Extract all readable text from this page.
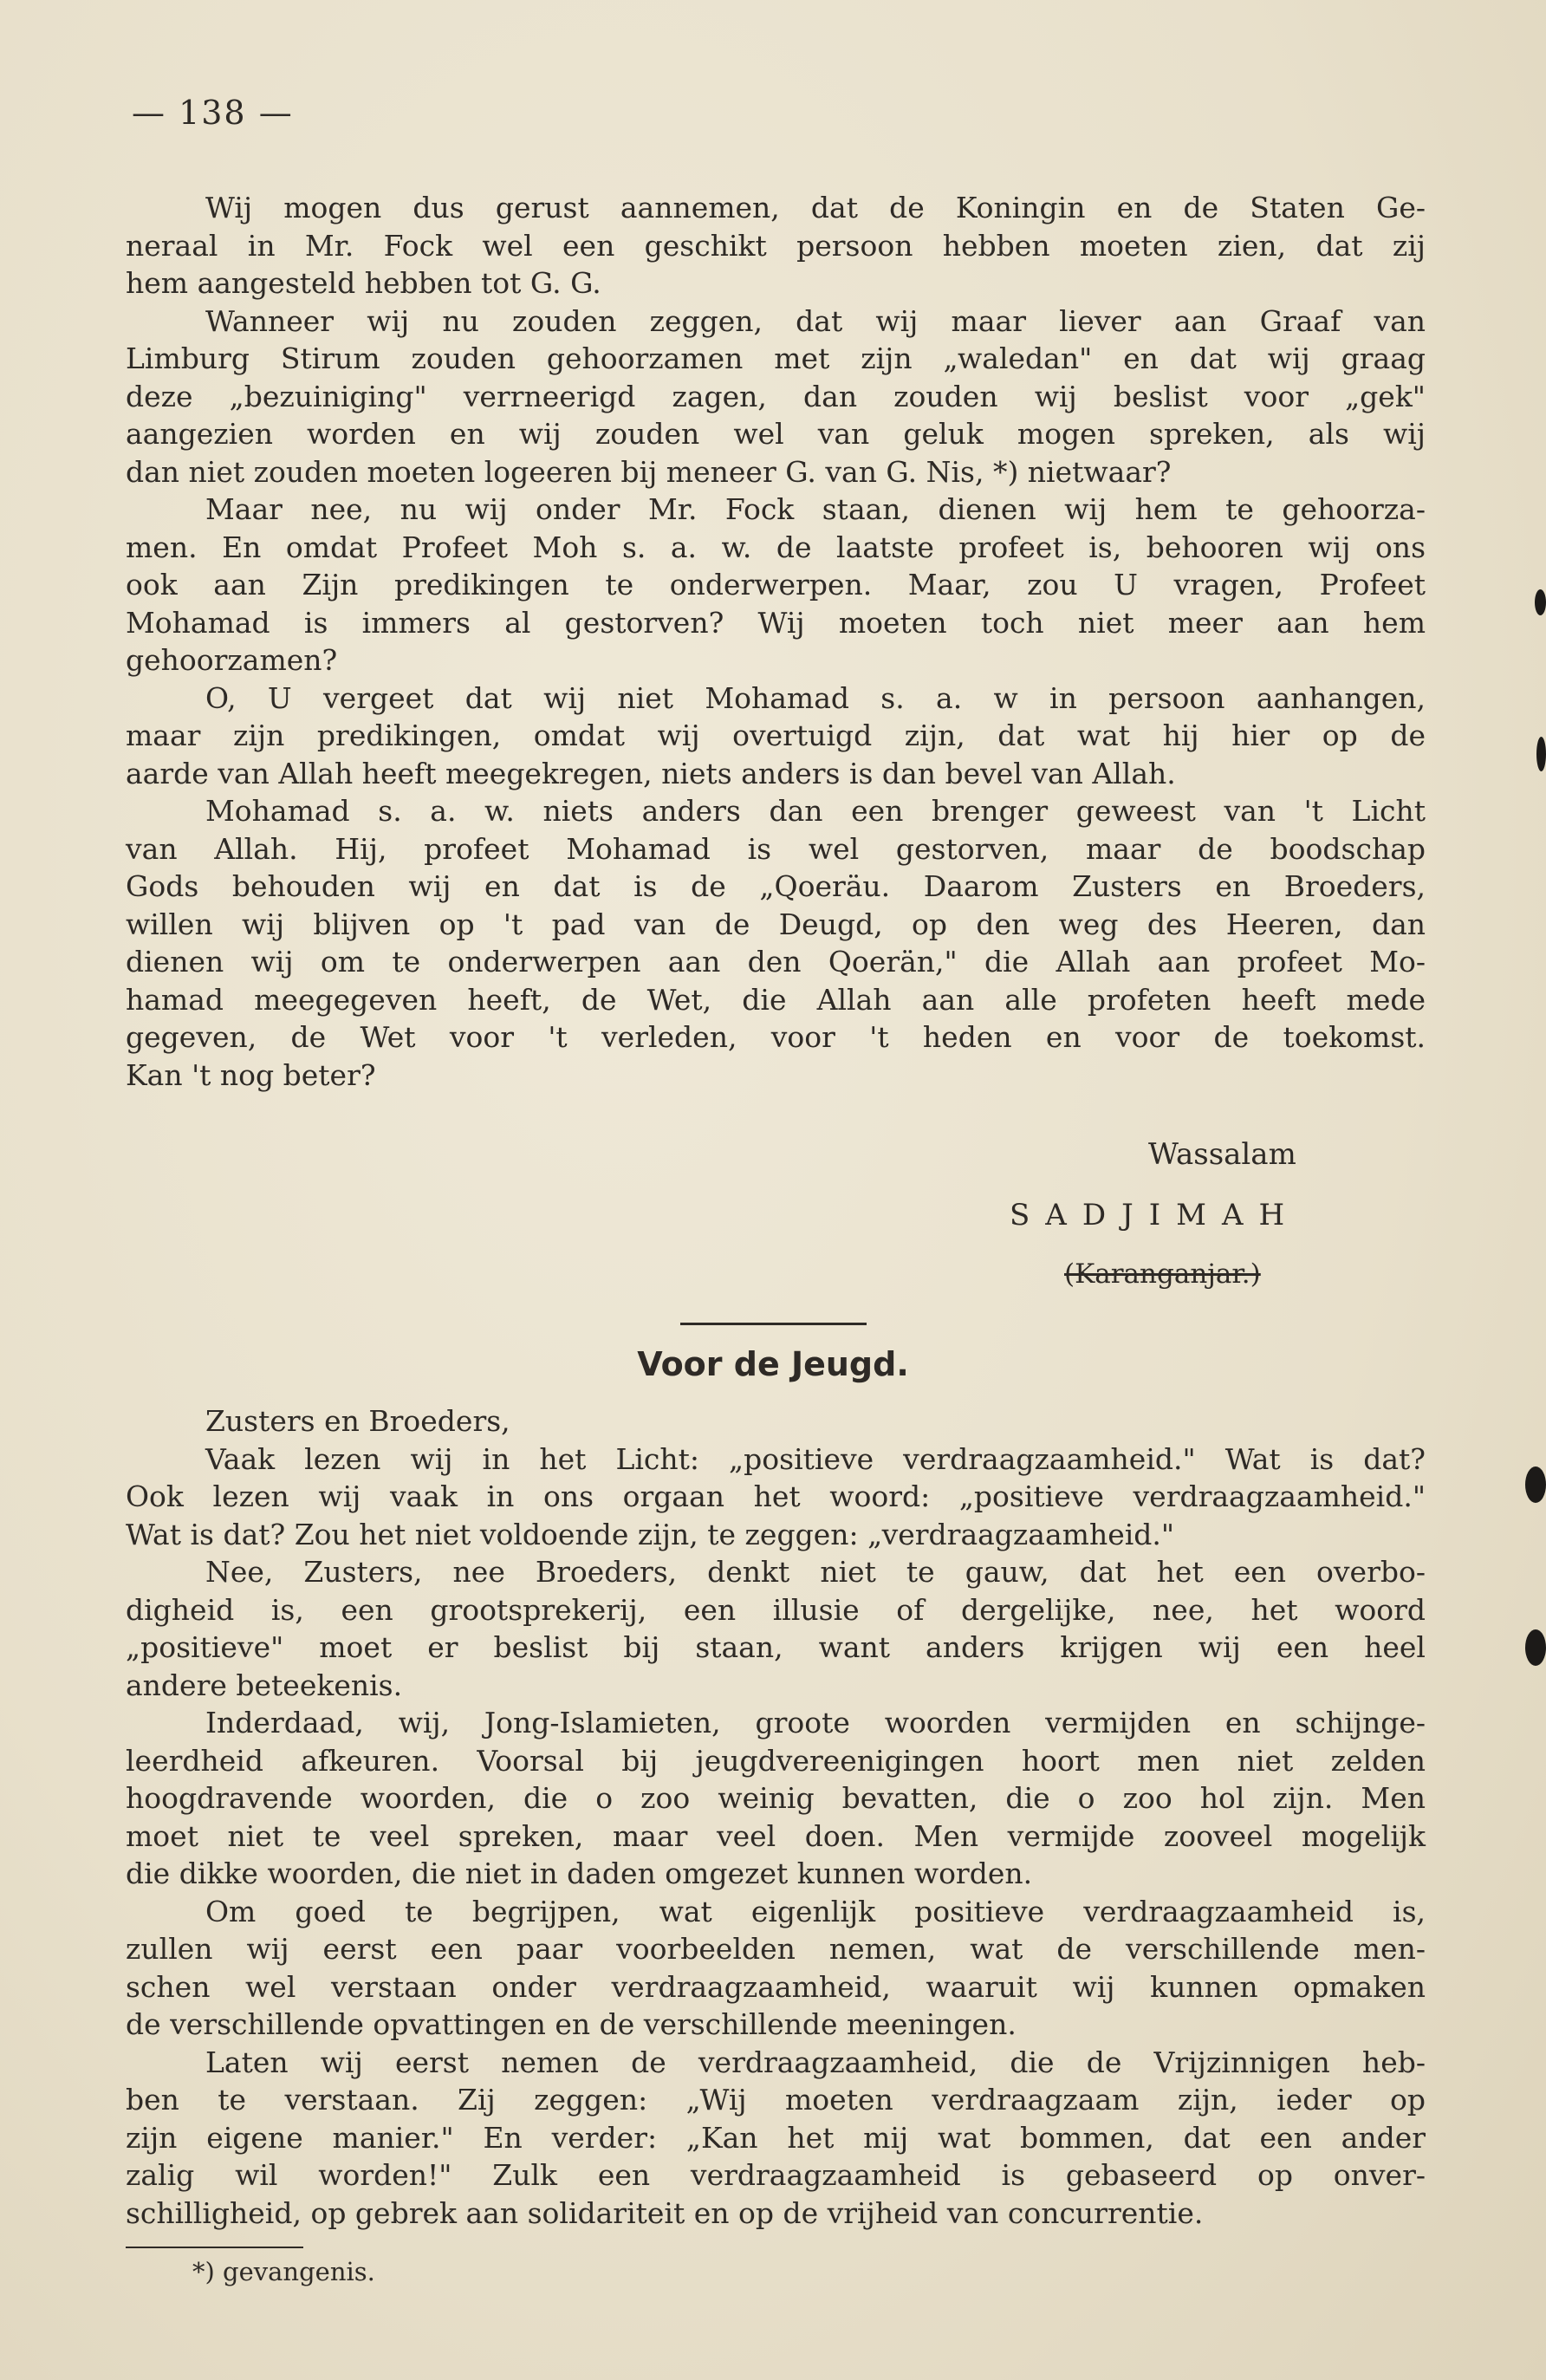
— 138 —

Wij mogen dus gerust aannemen, dat de Koningin en de Staten Ge-

neraal in Mr. Fock wel een geschikt persoon hebben moeten zien, dat zij

hem aangesteld hebben tot G. G.

Wanneer wij nu zouden zeggen, dat wij maar liever aan Graaf van

Limburg Stirum zouden gehoorzamen met zijn „waledan" en dat wij graag

deze „bezuiniging" verrneerigd zagen, dan zouden wij beslist voor „gek"

aangezien worden en wij zouden wel van geluk mogen spreken, als wij

dan niet zouden moeten logeeren bij meneer G. van G. Nis, *) nietwaar?

Maar nee, nu wij onder Mr. Fock staan, dienen wij hem te gehoorza-

men. En omdat Profeet Moh s. a. w. de laatste profeet is, behooren wij ons

ook aan Zijn predikingen te onderwerpen. Maar, zou U vragen, Profeet

Mohamad is immers al gestorven? Wij moeten toch niet meer aan hem

gehoorzamen?

O, U vergeet dat wij niet Mohamad s. a. w in persoon aanhangen,

maar zijn predikingen, omdat wij overtuigd zijn, dat wat hij hier op de

aarde van Allah heeft meegekregen, niets anders is dan bevel van Allah.

Mohamad s. a. w. niets anders dan een brenger geweest van 't Licht

van Allah. Hij, profeet Mohamad is wel gestorven, maar de boodschap

Gods behouden wij en dat is de „Qoeräu. Daarom Zusters en Broeders,

willen wij blijven op 't pad van de Deugd, op den weg des Heeren, dan

dienen wij om te onderwerpen aan den Qoerän," die Allah aan profeet Mo-

hamad meegegeven heeft, de Wet, die Allah aan alle profeten heeft mede

gegeven, de Wet voor 't verleden, voor 't heden en voor de toekomst.

Kan 't nog beter?

Wassalam
SADJIMAH
(Karanganjar.)
Voor de Jeugd.

Zusters en Broeders,

Vaak lezen wij in het Licht: „positieve verdraagzaamheid." Wat is dat?

Ook lezen wij vaak in ons orgaan het woord: „positieve verdraagzaamheid."

Wat is dat? Zou het niet voldoende zijn, te zeggen: „verdraagzaamheid."

Nee, Zusters, nee Broeders, denkt niet te gauw, dat het een overbo-

digheid is, een grootsprekerij, een illusie of dergelijke, nee, het woord

„positieve" moet er beslist bij staan, want anders krijgen wij een heel

andere beteekenis.

Inderdaad, wij, Jong-Islamieten, groote woorden vermijden en schijnge-

leerdheid afkeuren. Voorsal bij jeugdvereenigingen hoort men niet zelden

hoogdravende woorden, die o zoo weinig bevatten, die o zoo hol zijn. Men

moet niet te veel spreken, maar veel doen. Men vermijde zooveel mogelijk

die dikke woorden, die niet in daden omgezet kunnen worden.

Om goed te begrijpen, wat eigenlijk positieve verdraagzaamheid is,

zullen wij eerst een paar voorbeelden nemen, wat de verschillende men-

schen wel verstaan onder verdraagzaamheid, waaruit wij kunnen opmaken

de verschillende opvattingen en de verschillende meeningen.

Laten wij eerst nemen de verdraagzaamheid, die de Vrijzinnigen heb-

ben te verstaan. Zij zeggen: „Wij moeten verdraagzaam zijn, ieder op

zijn eigene manier." En verder: „Kan het mij wat bommen, dat een ander

zalig wil worden!" Zulk een verdraagzaamheid is gebaseerd op onver-

schilligheid, op gebrek aan solidariteit en op de vrijheid van concurrentie.

*) gevangenis.
